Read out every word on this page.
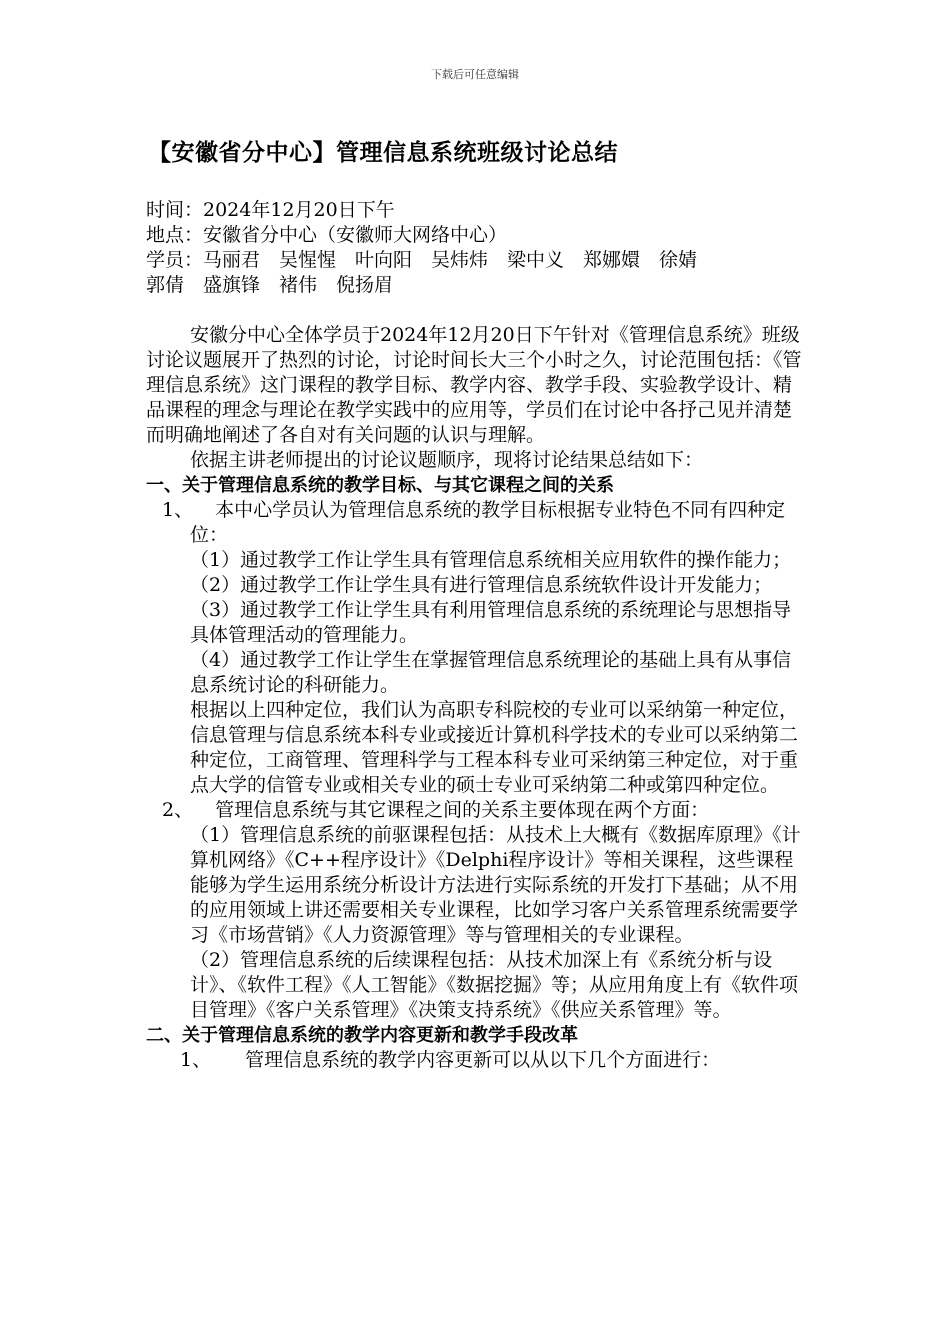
下载后可任意编辑
【安徽省分中心】管理信息系统班级讨论总结

时间：2024年12月20日下午

地点：安徽省分中心（安徽师大网络中心）

学员：马丽君　吴惺惺　叶向阳　吴炜炜　梁中义　郑娜嬛　徐婧

郭倩　盛旗锋　褚伟　倪扬眉

安徽分中心全体学员于2024年12月20日下午针对《管理信息系统》班级讨论议题展开了热烈的讨论，讨论时间长大三个小时之久，讨论范围包括：《管理信息系统》这门课程的教学目标、教学内容、教学手段、实验教学设计、精品课程的理念与理论在教学实践中的应用等，学员们在讨论中各抒己见并清楚而明确地阐述了各自对有关问题的认识与理解。

依据主讲老师提出的讨论议题顺序，现将讨论结果总结如下：

一、关于管理信息系统的教学目标、与其它课程之间的关系

1、 本中心学员认为管理信息系统的教学目标根据专业特色不同有四种定位：

（1）通过教学工作让学生具有管理信息系统相关应用软件的操作能力；

（2）通过教学工作让学生具有进行管理信息系统软件设计开发能力；

（3）通过教学工作让学生具有利用管理信息系统的系统理论与思想指导具体管理活动的管理能力。

（4）通过教学工作让学生在掌握管理信息系统理论的基础上具有从事信息系统讨论的科研能力。

根据以上四种定位，我们认为高职专科院校的专业可以采纳第一种定位，信息管理与信息系统本科专业或接近计算机科学技术的专业可以采纳第二种定位，工商管理、管理科学与工程本科专业可采纳第三种定位，对于重点大学的信管专业或相关专业的硕士专业可采纳第二种或第四种定位。

2、 管理信息系统与其它课程之间的关系主要体现在两个方面：

（1）管理信息系统的前驱课程包括：从技术上大概有《数据库原理》《计算机网络》《C++程序设计》《Delphi程序设计》等相关课程，这些课程能够为学生运用系统分析设计方法进行实际系统的开发打下基础；从不用的应用领域上讲还需要相关专业课程，比如学习客户关系管理系统需要学习《市场营销》《人力资源管理》等与管理相关的专业课程。

（2）管理信息系统的后续课程包括：从技术加深上有《系统分析与设计》、《软件工程》《人工智能》《数据挖掘》等；从应用角度上有《软件项目管理》《客户关系管理》《决策支持系统》《供应关系管理》等。

二、关于管理信息系统的教学内容更新和教学手段改革

1、 管理信息系统的教学内容更新可以从以下几个方面进行：
